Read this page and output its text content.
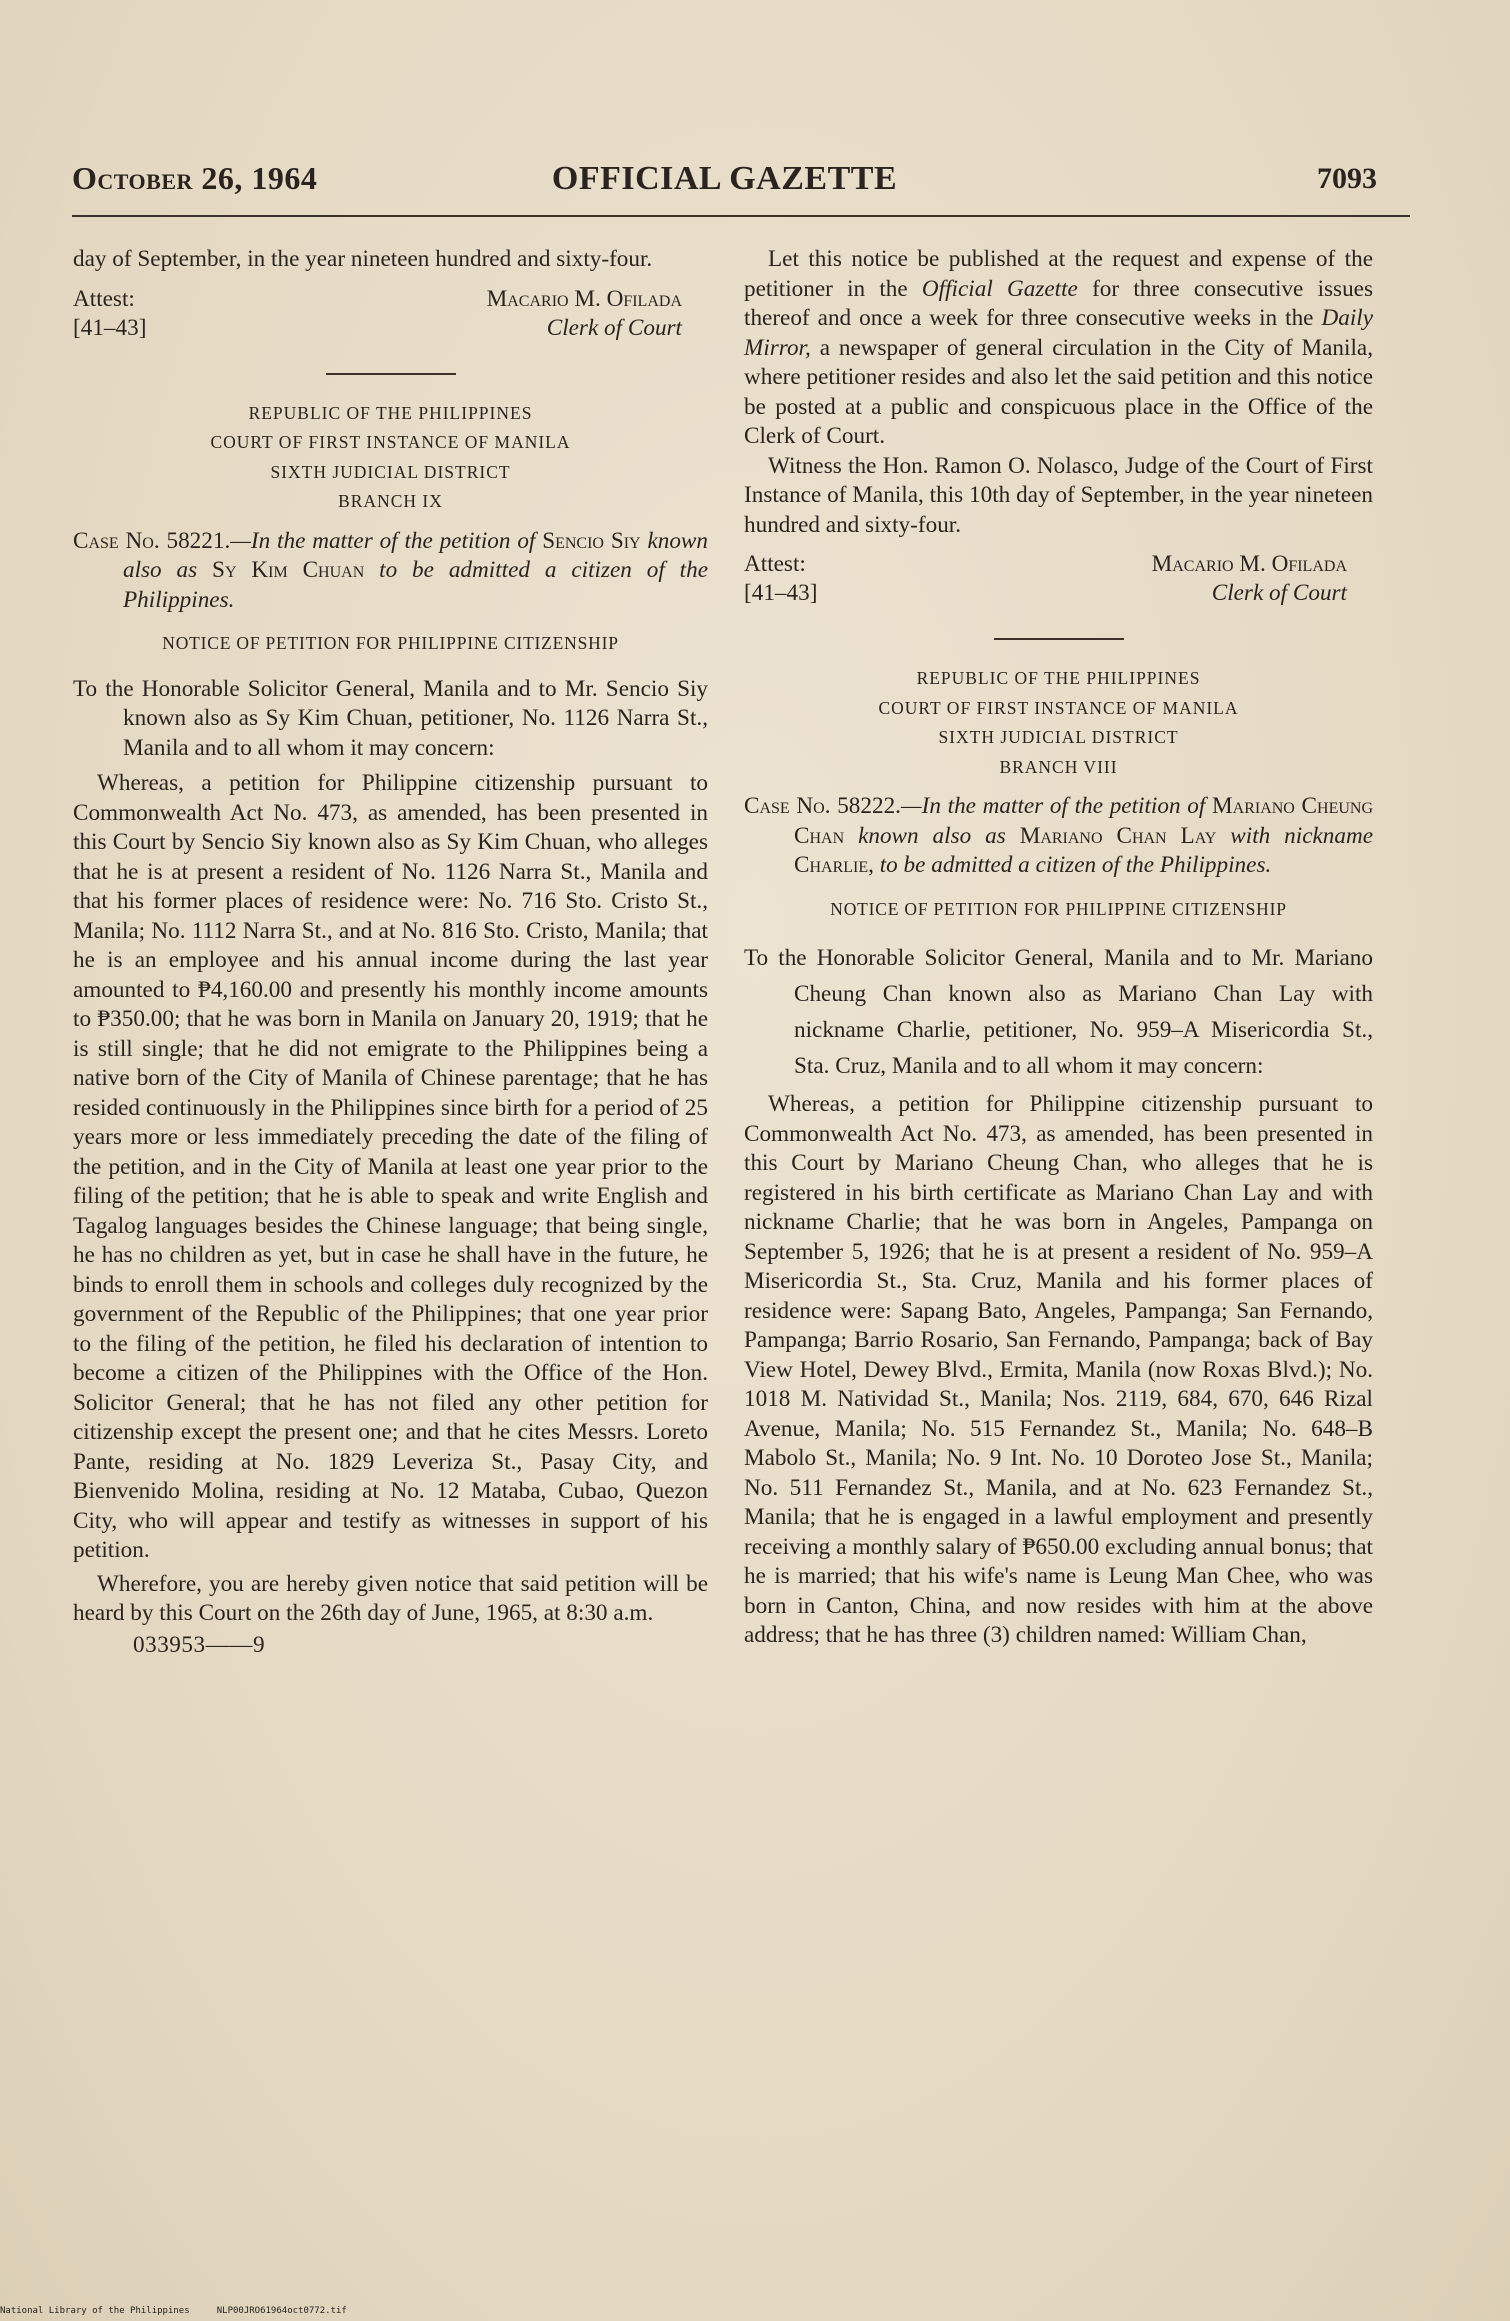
October 26, 1964	OFFICIAL GAZETTE	7093

day of September, in the year nineteen hundred and sixty-four.

Attest:
[41–43]
Macario M. Ofilada
Clerk of Court
REPUBLIC OF THE PHILIPPINES
COURT OF FIRST INSTANCE OF MANILA
SIXTH JUDICIAL DISTRICT
BRANCH IX

Case No. 58221.—In the matter of the petition of Sencio Siy known also as Sy Kim Chuan to be admitted a citizen of the Philippines.

NOTICE OF PETITION FOR PHILIPPINE CITIZENSHIP

To the Honorable Solicitor General, Manila and to Mr. Sencio Siy known also as Sy Kim Chuan, petitioner, No. 1126 Narra St., Manila and to all whom it may concern:

Whereas, a petition for Philippine citizenship pursuant to Commonwealth Act No. 473, as amended, has been presented in this Court by Sencio Siy known also as Sy Kim Chuan, who alleges that he is at present a resident of No. 1126 Narra St., Manila and that his former places of residence were: No. 716 Sto. Cristo St., Manila; No. 1112 Narra St., and at No. 816 Sto. Cristo, Manila; that he is an employee and his annual income during the last year amounted to ₱4,160.00 and presently his monthly income amounts to ₱350.00; that he was born in Manila on January 20, 1919; that he is still single; that he did not emigrate to the Philippines being a native born of the City of Manila of Chinese parentage; that he has resided continuously in the Philippines since birth for a period of 25 years more or less immediately preceding the date of the filing of the petition, and in the City of Manila at least one year prior to the filing of the petition; that he is able to speak and write English and Tagalog languages besides the Chinese language; that being single, he has no children as yet, but in case he shall have in the future, he binds to enroll them in schools and colleges duly recognized by the government of the Republic of the Philippines; that one year prior to the filing of the petition, he filed his declaration of intention to become a citizen of the Philippines with the Office of the Hon. Solicitor General; that he has not filed any other petition for citizenship except the present one; and that he cites Messrs. Loreto Pante, residing at No. 1829 Leveriza St., Pasay City, and Bienvenido Molina, residing at No. 12 Mataba, Cubao, Quezon City, who will appear and testify as witnesses in support of his petition.

Wherefore, you are hereby given notice that said petition will be heard by this Court on the 26th day of June, 1965, at 8:30 a.m.

033953——9

Let this notice be published at the request and expense of the petitioner in the Official Gazette for three consecutive issues thereof and once a week for three consecutive weeks in the Daily Mirror, a newspaper of general circulation in the City of Manila, where petitioner resides and also let the said petition and this notice be posted at a public and conspicuous place in the Office of the Clerk of Court.

Witness the Hon. Ramon O. Nolasco, Judge of the Court of First Instance of Manila, this 10th day of September, in the year nineteen hundred and sixty-four.

Attest:
[41–43]
Macario M. Ofilada
Clerk of Court
REPUBLIC OF THE PHILIPPINES
COURT OF FIRST INSTANCE OF MANILA
SIXTH JUDICIAL DISTRICT
BRANCH VIII

Case No. 58222.—In the matter of the petition of Mariano Cheung Chan known also as Mariano Chan Lay with nickname Charlie, to be admitted a citizen of the Philippines.

NOTICE OF PETITION FOR PHILIPPINE CITIZENSHIP

To the Honorable Solicitor General, Manila and to Mr. Mariano Cheung Chan known also as Mariano Chan Lay with nickname Charlie, petitioner, No. 959–A Misericordia St., Sta. Cruz, Manila and to all whom it may concern:

Whereas, a petition for Philippine citizenship pursuant to Commonwealth Act No. 473, as amended, has been presented in this Court by Mariano Cheung Chan, who alleges that he is registered in his birth certificate as Mariano Chan Lay and with nickname Charlie; that he was born in Angeles, Pampanga on September 5, 1926; that he is at present a resident of No. 959–A Misericordia St., Sta. Cruz, Manila and his former places of residence were: Sapang Bato, Angeles, Pampanga; San Fernando, Pampanga; Barrio Rosario, San Fernando, Pampanga; back of Bay View Hotel, Dewey Blvd., Ermita, Manila (now Roxas Blvd.); No. 1018 M. Natividad St., Manila; Nos. 2119, 684, 670, 646 Rizal Avenue, Manila; No. 515 Fernandez St., Manila; No. 648–B Mabolo St., Manila; No. 9 Int. No. 10 Doroteo Jose St., Manila; No. 511 Fernandez St., Manila, and at No. 623 Fernandez St., Manila; that he is engaged in a lawful employment and presently receiving a monthly salary of ₱650.00 excluding annual bonus; that he is married; that his wife's name is Leung Man Chee, who was born in Canton, China, and now resides with him at the above address; that he has three (3) children named: William Chan,

National Library of the Philippines	NLP00JRO61964oct0772.tif
